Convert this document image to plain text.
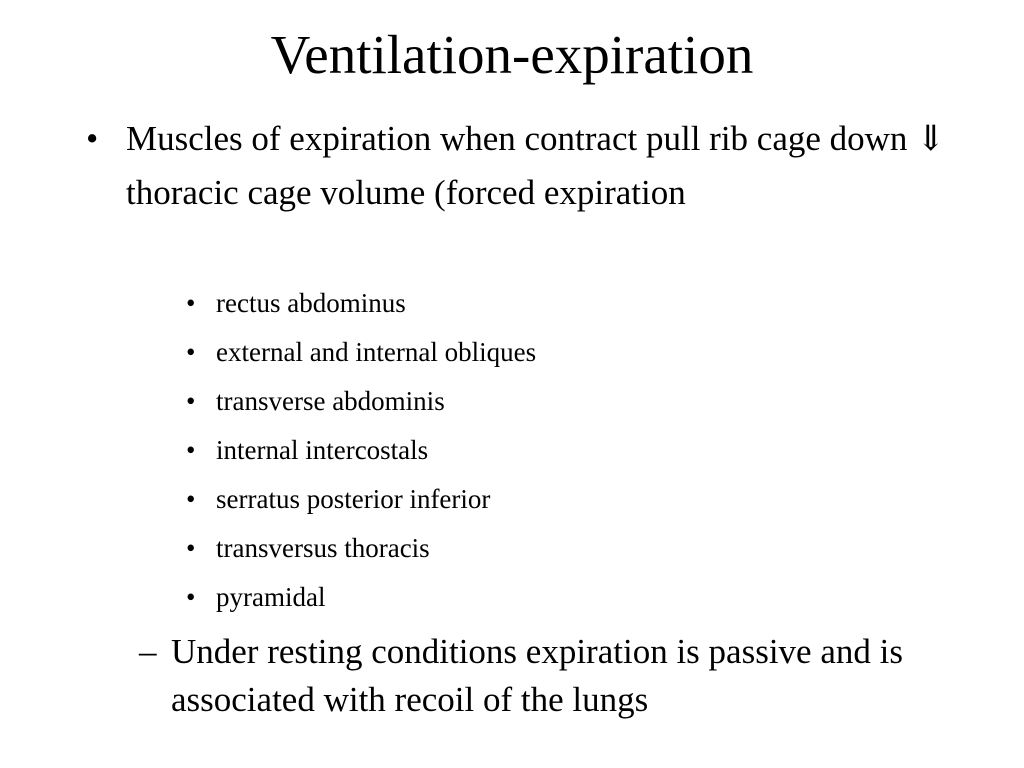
Ventilation-expiration
• Muscles of expiration when contract pull rib cage down ⇓ thoracic cage volume (forced expiration
• rectus abdominus
• external and internal obliques
• transverse abdominis
• internal intercostals
• serratus posterior inferior
• transversus thoracis
• pyramidal
– Under resting conditions expiration is passive and is associated with recoil of the lungs
